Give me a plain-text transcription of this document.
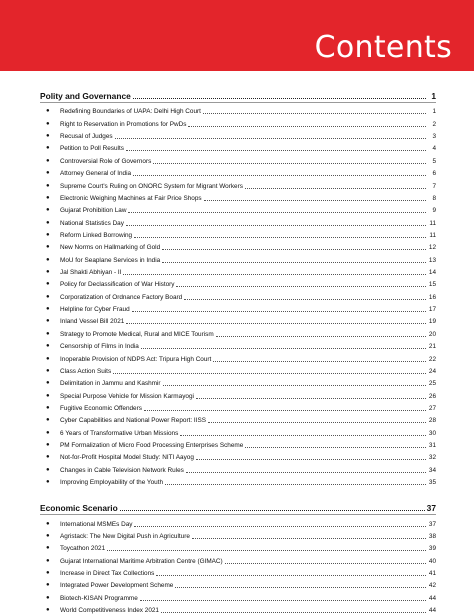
Contents
Polity and Governance	1
●	Redefining Boundaries of UAPA: Delhi High Court	1
●	Right to Reservation in Promotions for PwDs	2
●	Recusal of Judges	3
●	Petition to Poll Results	4
●	Controversial Role of Governors	5
●	Attorney General of India	6
●	Supreme Court's Ruling on ONORC System for Migrant Workers	7
●	Electronic Weighing Machines at Fair Price Shops	8
●	Gujarat Prohibition Law	9
●	National Statistics Day	11
●	Reform Linked Borrowing	11
●	New Norms on Hallmarking of Gold	12
●	MoU for Seaplane Services in India	13
●	Jal Shakti Abhiyan - II	14
●	Policy for Declassification of War History	15
●	Corporatization of Ordnance Factory Board	16
●	Helpline for Cyber Fraud	17
●	Inland Vessel Bill 2021	19
●	Strategy to Promote Medical, Rural and MICE Tourism	20
●	Censorship of Films in India	21
●	Inoperable Provision of NDPS Act: Tripura High Court	22
●	Class Action Suits	24
●	Delimitation in Jammu and Kashmir	25
●	Special Purpose Vehicle for Mission Karmayogi	26
●	Fugitive Economic Offenders	27
●	Cyber Capabilities and National Power Report: IISS	28
●	6 Years of Transformative Urban Missions	30
●	PM Formalization of Micro Food Processing Enterprises Scheme	31
●	Not-for-Profit Hospital Model Study: NITI Aayog	32
●	Changes in Cable Television Network Rules	34
●	Improving Employability of the Youth	35
Economic Scenario	37
●	International MSMEs Day	37
●	Agristack: The New Digital Push in Agriculture	38
●	Toycathon 2021	39
●	Gujarat International Maritime Arbitration Centre (GIMAC)	40
●	Increase in Direct Tax Collections	41
●	Integrated Power Development Scheme	42
●	Biotech-KISAN Programme	44
●	World Competitiveness Index 2021	44
